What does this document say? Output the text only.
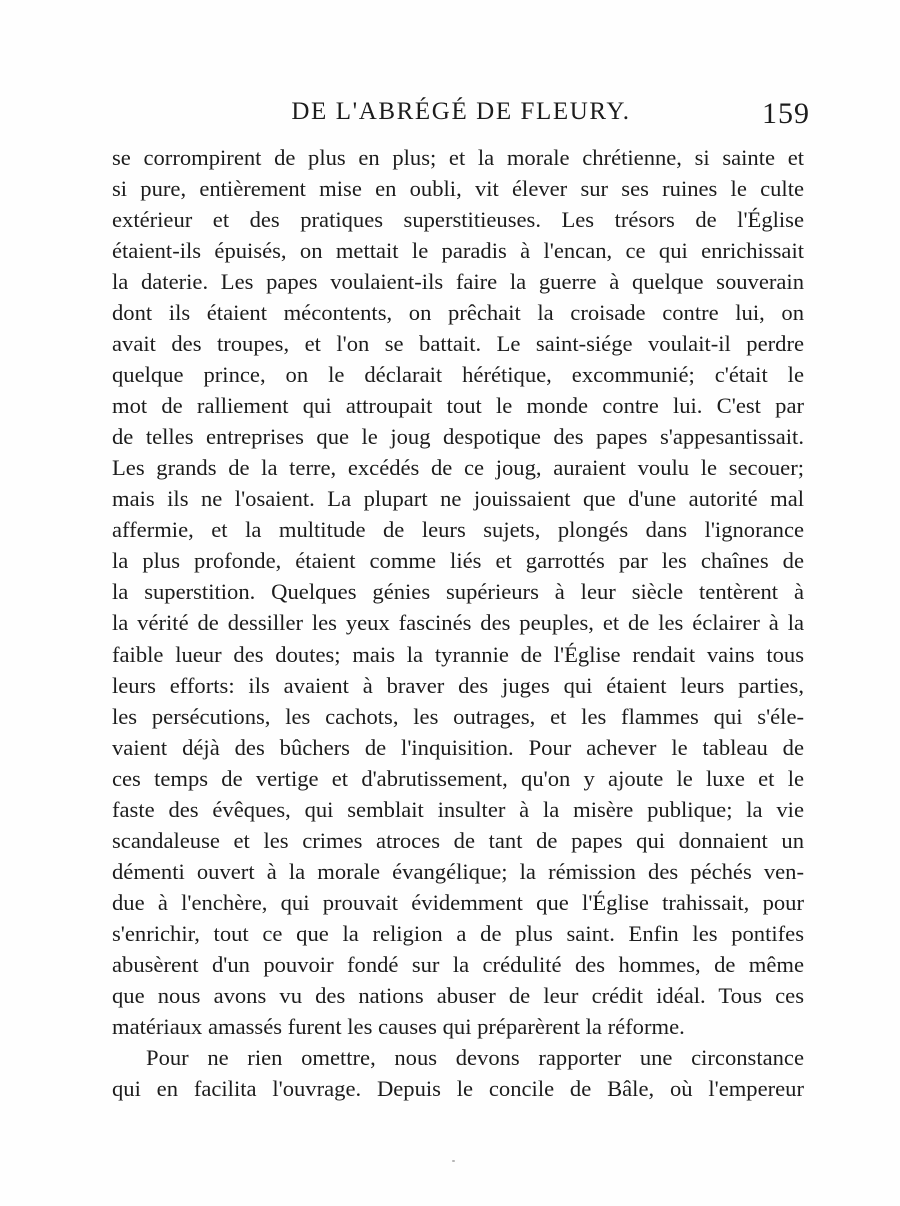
DE L'ABRÉGÉ DE FLEURY.	159
se corrompirent de plus en plus; et la morale chrétienne, si sainte et
si pure, entièrement mise en oubli, vit élever sur ses ruines le culte
extérieur et des pratiques superstitieuses. Les trésors de l'Église
étaient-ils épuisés, on mettait le paradis à l'encan, ce qui enrichissait
la daterie. Les papes voulaient-ils faire la guerre à quelque souverain
dont ils étaient mécontents, on prêchait la croisade contre lui, on
avait des troupes, et l'on se battait. Le saint-siége voulait-il perdre
quelque prince, on le déclarait hérétique, excommunié; c'était le
mot de ralliement qui attroupait tout le monde contre lui. C'est par
de telles entreprises que le joug despotique des papes s'appesantissait.
Les grands de la terre, excédés de ce joug, auraient voulu le secouer;
mais ils ne l'osaient. La plupart ne jouissaient que d'une autorité mal
affermie, et la multitude de leurs sujets, plongés dans l'ignorance
la plus profonde, étaient comme liés et garrottés par les chaînes de
la superstition. Quelques génies supérieurs à leur siècle tentèrent à
la vérité de dessiller les yeux fascinés des peuples, et de les éclairer à la
faible lueur des doutes; mais la tyrannie de l'Église rendait vains tous
leurs efforts: ils avaient à braver des juges qui étaient leurs parties,
les persécutions, les cachots, les outrages, et les flammes qui s'éle-
vaient déjà des bûchers de l'inquisition. Pour achever le tableau de
ces temps de vertige et d'abrutissement, qu'on y ajoute le luxe et le
faste des évêques, qui semblait insulter à la misère publique; la vie
scandaleuse et les crimes atroces de tant de papes qui donnaient un
démenti ouvert à la morale évangélique; la rémission des péchés ven-
due à l'enchère, qui prouvait évidemment que l'Église trahissait, pour
s'enrichir, tout ce que la religion a de plus saint. Enfin les pontifes
abusèrent d'un pouvoir fondé sur la crédulité des hommes, de même
que nous avons vu des nations abuser de leur crédit idéal. Tous ces
matériaux amassés furent les causes qui préparèrent la réforme.
Pour ne rien omettre, nous devons rapporter une circonstance
qui en facilita l'ouvrage. Depuis le concile de Bâle, où l'empereur
